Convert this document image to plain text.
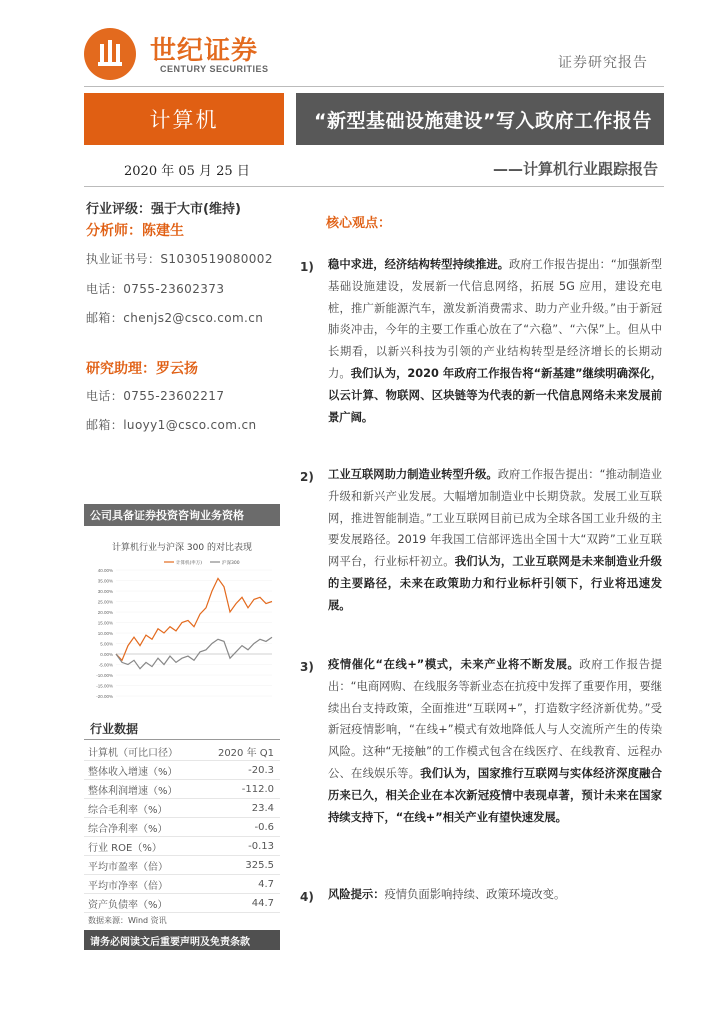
世纪证券
CENTURY SECURITIES	证券研究报告
计算机	“新型基础设施建设”写入政府工作报告
2020 年 05 月 25 日	——计算机行业跟踪报告
行业评级：强于大市(维持)
分析师：陈建生
执业证书号：S1030519080002
电话：0755-23602373
邮箱：chenjs2@csco.com.cn
研究助理：罗云扬
电话：0755-23602217
邮箱：luoyy1@csco.com.cn
公司具备证券投资咨询业务资格
计算机行业与沪深 300 的对比表现
40.00%
35.00%
30.00%
25.00%
20.00%
15.00%
10.00%
5.00%
0.00%
-5.00%
-10.00%
-15.00%
-20.00%
计算机(申万)	沪深300
行业数据
计算机（可比口径）	2020 年 Q1
整体收入增速（%）	-20.3
整体利润增速（%）	-112.0
综合毛利率（%）	23.4
综合净利率（%）	-0.6
行业 ROE（%）	-0.13
平均市盈率（倍）	325.5
平均市净率（倍）	4.7
资产负债率（%）	44.7
数据来源：Wind 资讯
请务必阅读文后重要声明及免责条款
核心观点：
1) 稳中求进，经济结构转型持续推进。政府工作报告提出：“加强新型基础设施建设，发展新一代信息网络，拓展 5G 应用，建设充电桩，推广新能源汽车，激发新消费需求、助力产业升级。”由于新冠肺炎冲击，今年的主要工作重心放在了“六稳”、“六保”上。但从中长期看，以新兴科技为引领的产业结构转型是经济增长的长期动力。我们认为，2020 年政府工作报告将“新基建”继续明确深化，以云计算、物联网、区块链等为代表的新一代信息网络未来发展前景广阔。
2) 工业互联网助力制造业转型升级。政府工作报告提出：“推动制造业升级和新兴产业发展。大幅增加制造业中长期贷款。发展工业互联网，推进智能制造。”工业互联网目前已成为全球各国工业升级的主要发展路径。2019 年我国工信部评选出全国十大“双跨”工业互联网平台，行业标杆初立。我们认为，工业互联网是未来制造业升级的主要路径，未来在政策助力和行业标杆引领下，行业将迅速发展。
3) 疫情催化“在线+”模式，未来产业将不断发展。政府工作报告提出：“电商网购、在线服务等新业态在抗疫中发挥了重要作用，要继续出台支持政策，全面推进“互联网+”，打造数字经济新优势。”受新冠疫情影响，“在线+”模式有效地降低人与人交流所产生的传染风险。这种“无接触”的工作模式包含在线医疗、在线教育、远程办公、在线娱乐等。我们认为，国家推行互联网与实体经济深度融合历来已久，相关企业在本次新冠疫情中表现卓著，预计未来在国家持续支持下，“在线+”相关产业有望快速发展。
4) 风险提示：疫情负面影响持续、政策环境改变。
